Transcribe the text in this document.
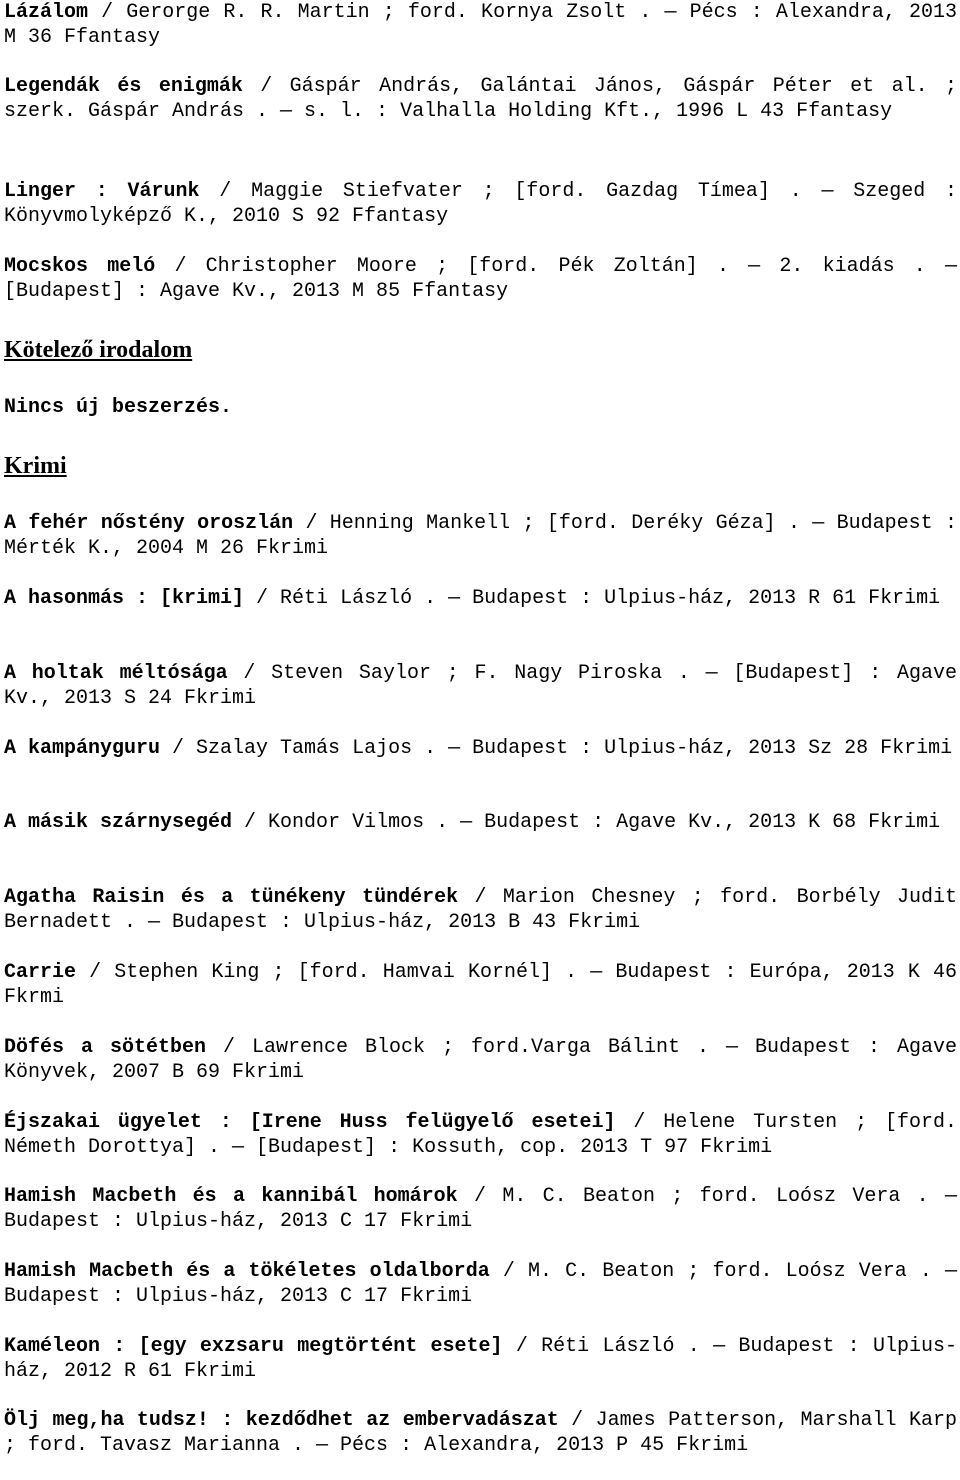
Lázálom / Gerorge R. R. Martin ; ford. Kornya Zsolt . — Pécs : Alexandra, 2013 M 36 Ffantasy

Legendák és enigmák / Gáspár András, Galántai János, Gáspár Péter et al. ; szerk. Gáspár András . — s. l. : Valhalla Holding Kft., 1996 L 43 Ffantasy

Linger : Várunk / Maggie Stiefvater ; [ford. Gazdag Tímea] . — Szeged : Könyvmolyképző K., 2010 S 92 Ffantasy

Mocskos meló / Christopher Moore ; [ford. Pék Zoltán] . — 2. kiadás . — [Budapest] : Agave Kv., 2013 M 85 Ffantasy

Kötelező irodalom

Nincs új beszerzés.

Krimi

A fehér nőstény oroszlán / Henning Mankell ; [ford. Deréky Géza] . — Budapest : Mérték K., 2004 M 26 Fkrimi

A hasonmás : [krimi] / Réti László . — Budapest : Ulpius-ház, 2013 R 61 Fkrimi

A holtak méltósága / Steven Saylor ; F. Nagy Piroska . — [Budapest] : Agave Kv., 2013 S 24 Fkrimi

A kampányguru / Szalay Tamás Lajos . — Budapest : Ulpius-ház, 2013 Sz 28 Fkrimi

A másik szárnysegéd / Kondor Vilmos . — Budapest : Agave Kv., 2013 K 68 Fkrimi

Agatha Raisin és a tünékeny tündérek / Marion Chesney ; ford. Borbély Judit Bernadett . — Budapest : Ulpius-ház, 2013 B 43 Fkrimi

Carrie / Stephen King ; [ford. Hamvai Kornél] . — Budapest : Európa, 2013 K 46 Fkrmi

Döfés a sötétben / Lawrence Block ; ford.Varga Bálint . — Budapest : Agave Könyvek, 2007 B 69 Fkrimi

Éjszakai ügyelet : [Irene Huss felügyelő esetei] / Helene Tursten ; [ford. Németh Dorottya] . — [Budapest] : Kossuth, cop. 2013 T 97 Fkrimi

Hamish Macbeth és a kannibál homárok / M. C. Beaton ; ford. Loósz Vera . — Budapest : Ulpius-ház, 2013 C 17 Fkrimi

Hamish Macbeth és a tökéletes oldalborda / M. C. Beaton ; ford. Loósz Vera . — Budapest : Ulpius-ház, 2013 C 17 Fkrimi

Kaméleon : [egy exzsaru megtörtént esete] / Réti László . — Budapest : Ulpius-ház, 2012 R 61 Fkrimi

Ölj meg,ha tudsz! : kezdődhet az embervadászat / James Patterson, Marshall Karp ; ford. Tavasz Marianna . — Pécs : Alexandra, 2013 P 45 Fkrimi
